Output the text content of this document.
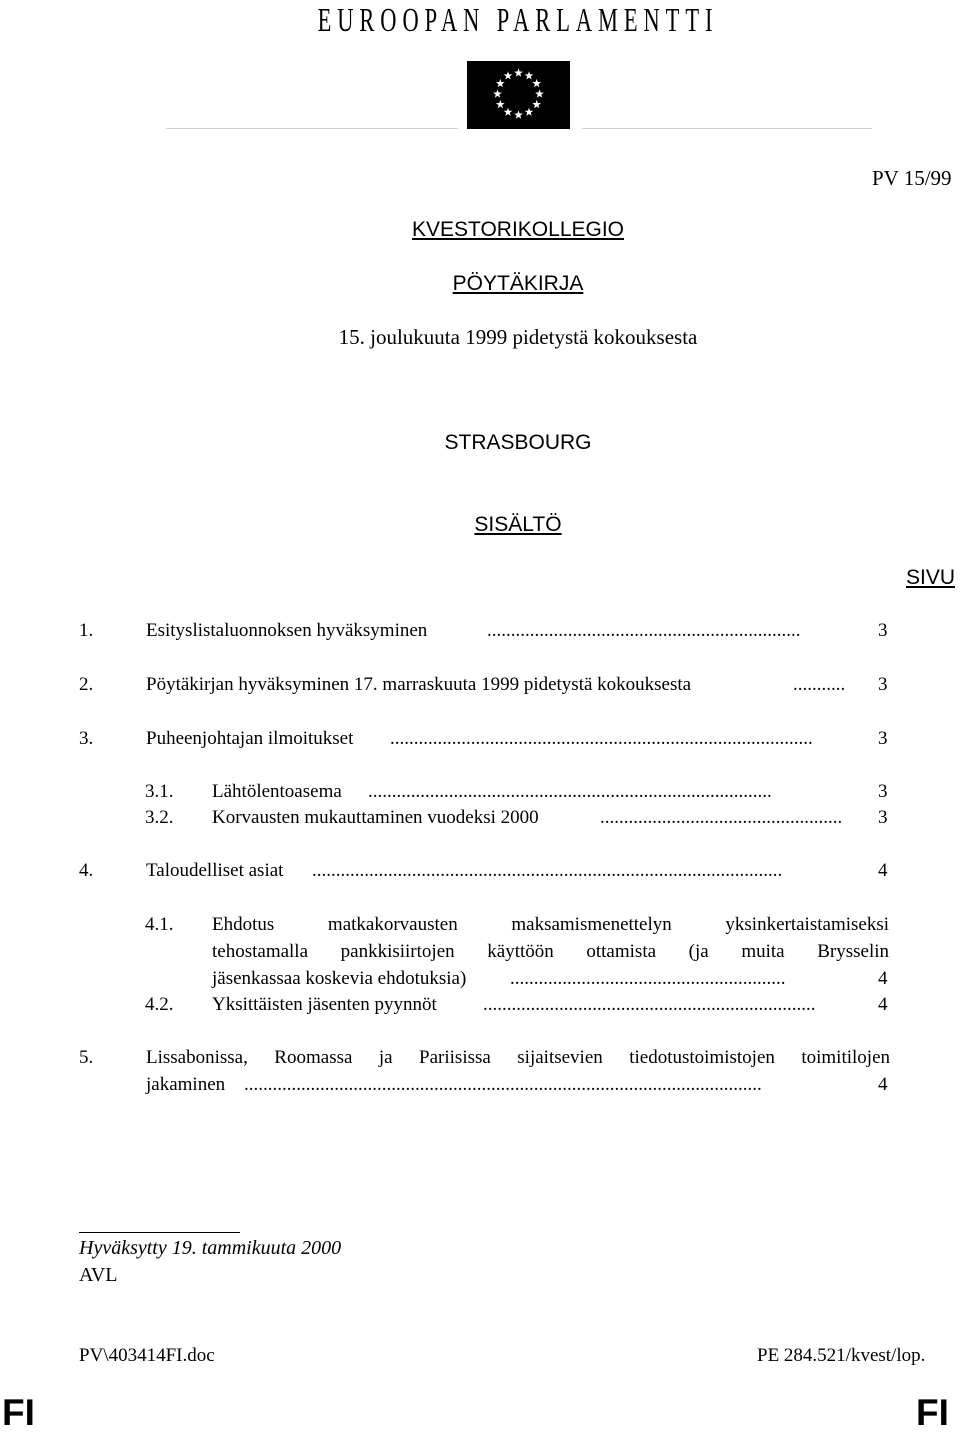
EUROOPAN PARLAMENTTI
PV 15/99
KVESTORIKOLLEGIO
PÖYTÄKIRJA
15. joulukuuta 1999 pidetystä kokouksesta
STRASBOURG
SISÄLTÖ
SIVU
1.	Esityslistaluonnoksen hyväksyminen	..................................................................	3
2.	Pöytäkirjan hyväksyminen 17. marraskuuta 1999 pidetystä kokouksesta	........... 3
3.	Puheenjohtajan ilmoitukset .........................................................................................	3
3.1. Lähtölentoasema .....................................................................................	3
3.2. Korvausten mukauttaminen vuodeksi 2000	................................................... 3
4.	Taloudelliset asiat ...................................................................................................	4
4.1. Ehdotus matkakorvausten maksamismenettelyn yksinkertaistamiseksi
tehostamalla pankkisiirtojen käyttöön ottamista (ja muita Brysselin
jäsenkassaa koskevia ehdotuksia) ..........................................................	4
4.2. Yksittäisten jäsenten pyynnöt ......................................................................	4
5.	Lissabonissa, Roomassa ja Pariisissa sijaitsevien tiedotustoimistojen toimitilojen
jakaminen .............................................................................................................	4
Hyväksytty 19. tammikuuta 2000
AVL
PV\403414FI.doc	PE 284.521/kvest/lop.
FI	FI
